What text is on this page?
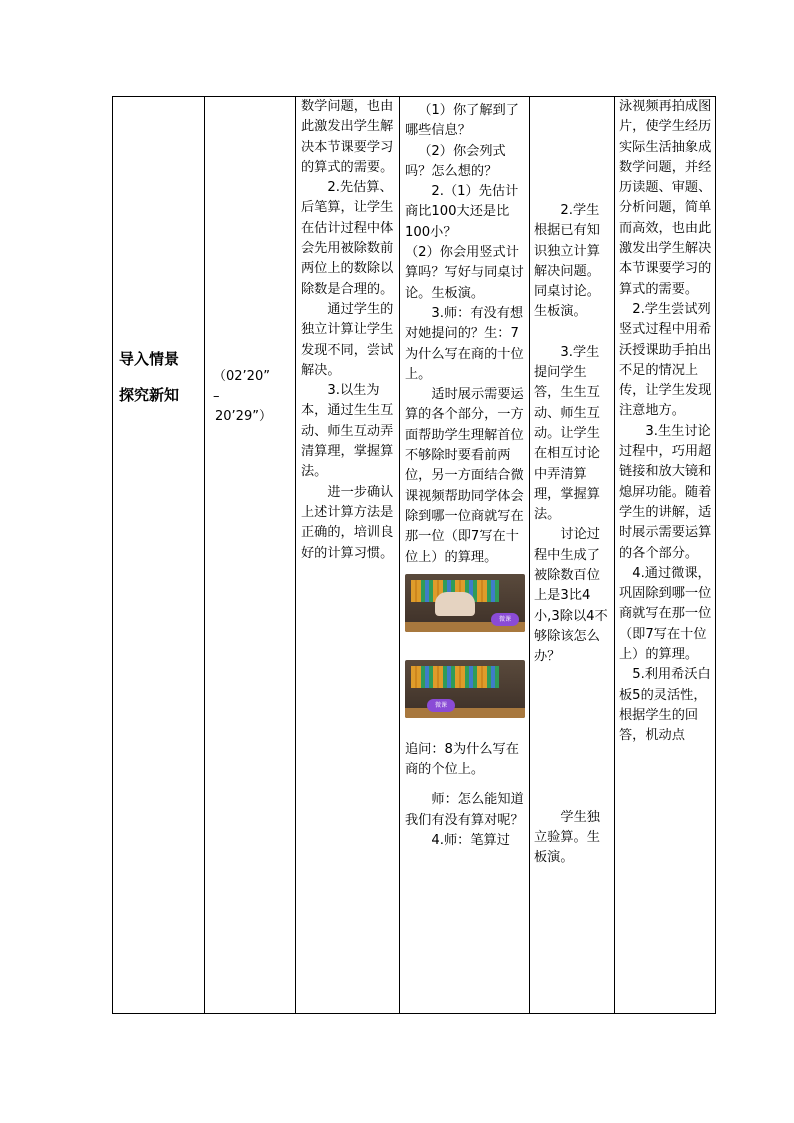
导入情景

探究新知

（02’20”

–

20’29”）

数学问题，也由此激发出学生解决本节课要学习的算式的需要。

2.先估算、后笔算，让学生在估计过程中体会先用被除数前两位上的数除以除数是合理的。

通过学生的独立计算让学生发现不同，尝试解决。

3.以生为本，通过生生互动、师生互动弄清算理，掌握算法。

进一步确认上述计算方法是正确的，培训良好的计算习惯。

（1）你了解到了哪些信息？

（2）你会列式吗？怎么想的？

2.（1）先估计商比100大还是比100小？

（2）你会用竖式计算吗？写好与同桌讨论。生板演。

3.师：有没有想对她提问的？生：7为什么写在商的十位上。

适时展示需要运算的各个部分，一方面帮助学生理解首位不够除时要看前两位，另一方面结合微课视频帮助同学体会除到哪一位商就写在那一位（即7写在十位上）的算理。

微课
微课

追问：8为什么写在商的个位上。

师：怎么能知道我们有没有算对呢？

4.师：笔算过

2.学生根据已有知识独立计算解决问题。同桌讨论。生板演。

3.学生提问学生答，生生互动、师生互动。让学生在相互讨论中弄清算理，掌握算法。

讨论过程中生成了被除数百位上是3比4小,3除以4不够除该怎么办？

学生独立验算。生板演。

泳视频再拍成图片，使学生经历实际生活抽象成数学问题，并经历读题、审题、分析问题，简单而高效，也由此激发出学生解决本节课要学习的算式的需要。

2.学生尝试列竖式过程中用希沃授课助手拍出不足的情况上传，让学生发现注意地方。

3.生生讨论过程中，巧用超链接和放大镜和熄屏功能。随着学生的讲解，适时展示需要运算的各个部分。

4.通过微课，巩固除到哪一位商就写在那一位（即7写在十位上）的算理。

5.利用希沃白板5的灵活性，根据学生的回答，机动点
